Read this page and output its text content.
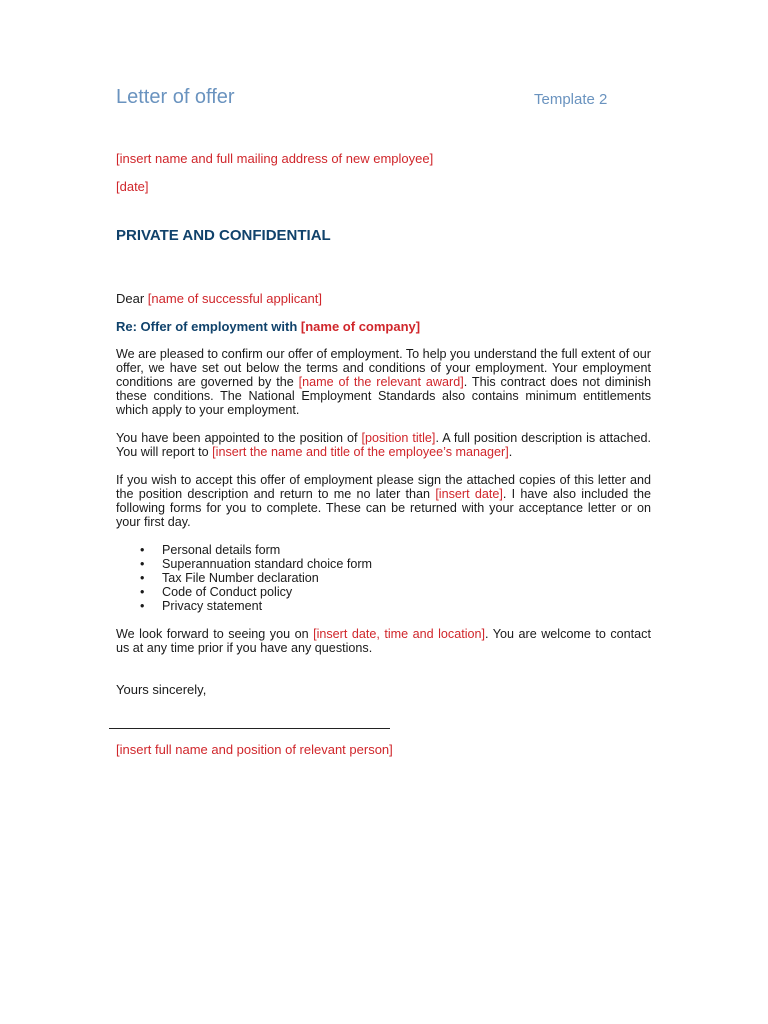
Letter of offer	Template 2
[insert name and full mailing address of new employee]
[date]
PRIVATE AND CONFIDENTIAL
Dear [name of successful applicant]
Re: Offer of employment with [name of company]
We are pleased to confirm our offer of employment. To help you understand the full extent of our offer, we have set out below the terms and conditions of your employment. Your employment conditions are governed by the [name of the relevant award]. This contract does not diminish these conditions. The National Employment Standards also contains minimum entitlements which apply to your employment.
You have been appointed to the position of [position title]. A full position description is attached. You will report to [insert the name and title of the employee’s manager].
If you wish to accept this offer of employment please sign the attached copies of this letter and the position description and return to me no later than [insert date]. I have also included the following forms for you to complete. These can be returned with your acceptance letter or on your first day.
• Personal details form
• Superannuation standard choice form
• Tax File Number declaration
• Code of Conduct policy
• Privacy statement
We look forward to seeing you on [insert date, time and location]. You are welcome to contact us at any time prior if you have any questions.
Yours sincerely,
[insert full name and position of relevant person]
